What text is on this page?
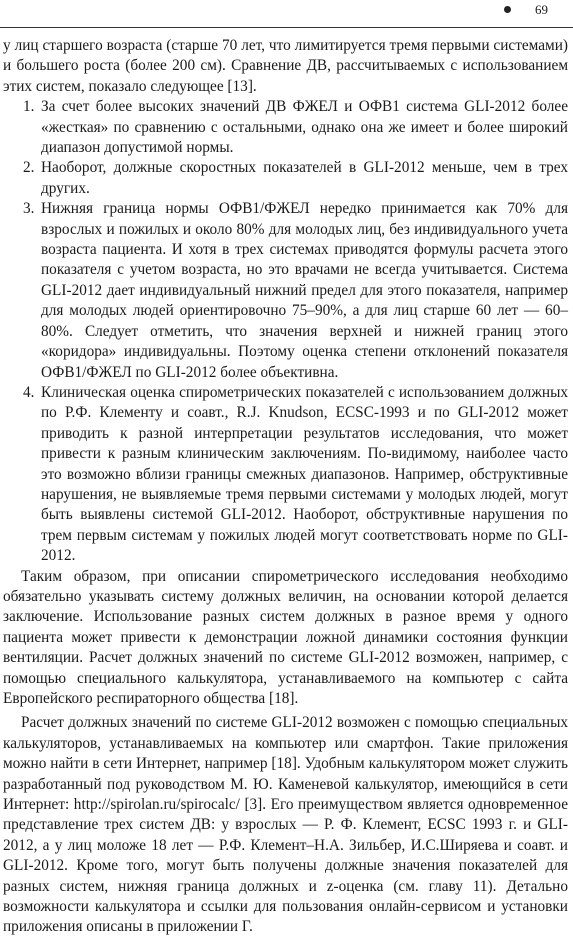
69

у лиц старшего возраста (старше 70 лет, что лимитируется тремя первыми системами) и большего роста (более 200 см). Сравнение ДВ, рассчитываемых с использованием этих систем, показало следующее [13].

1. За счет более высоких значений ДВ ФЖЕЛ и ОФВ1 система GLI-2012 более «жесткая» по сравнению с остальными, однако она же имеет и более широкий диапазон допустимой нормы.
2. Наоборот, должные скоростных показателей в GLI-2012 меньше, чем в трех других.
3. Нижняя граница нормы ОФВ1/ФЖЕЛ нередко принимается как 70% для взрослых и пожилых и около 80% для молодых лиц, без индивидуального учета возраста пациента. И хотя в трех системах приводятся формулы расчета этого показателя с учетом возраста, но это врачами не всегда учитывается. Система GLI-2012 дает индивидуальный нижний предел для этого показателя, например для молодых людей ориентировочно 75–90%, а для лиц старше 60 лет — 60–80%. Следует отметить, что значения верхней и нижней границ этого «коридора» индивидуальны. Поэтому оценка степени отклонений показателя ОФВ1/ФЖЕЛ по GLI-2012 более объективна.
4. Клиническая оценка спирометрических показателей с использованием должных по Р.Ф. Клементу и соавт., R.J. Knudson, ECSC-1993 и по GLI-2012 может приводить к разной интерпретации результатов исследования, что может привести к разным клиническим заключениям. По-видимому, наиболее часто это возможно вблизи границы смежных диапазонов. Например, обструктивные нарушения, не выявляемые тремя первыми системами у молодых людей, могут быть выявлены системой GLI-2012. Наоборот, обструктивные нарушения по трем первым системам у пожилых людей могут соответствовать норме по GLI-2012.

Таким образом, при описании спирометрического исследования необходимо обязательно указывать систему должных величин, на основании которой делается заключение. Использование разных систем должных в разное время у одного пациента может привести к демонстрации ложной динамики состояния функции вентиляции. Расчет должных значений по системе GLI-2012 возможен, например, с помощью специального калькулятора, устанавливаемого на компьютер с сайта Европейского респираторного общества [18].

Расчет должных значений по системе GLI-2012 возможен с помощью специальных калькуляторов, устанавливаемых на компьютер или смартфон. Такие приложения можно найти в сети Интернет, например [18]. Удобным калькулятором может служить разработанный под руководством М. Ю. Каменевой калькулятор, имеющийся в сети Интернет: http://spirolan.ru/spirocalc/ [3]. Его преимуществом является одновременное представление трех систем ДВ: у взрослых — Р. Ф. Клемент, ECSC 1993 г. и GLI-2012, а у лиц моложе 18 лет — Р.Ф. Клемент–Н.А. Зильбер, И.С.Ширяева и соавт. и GLI-2012. Кроме того, могут быть получены должные значения показателей для разных систем, нижняя граница должных и z-оценка (см. главу 11). Детально возможности калькулятора и ссылки для пользования онлайн-сервисом и установки приложения описаны в приложении Г.
